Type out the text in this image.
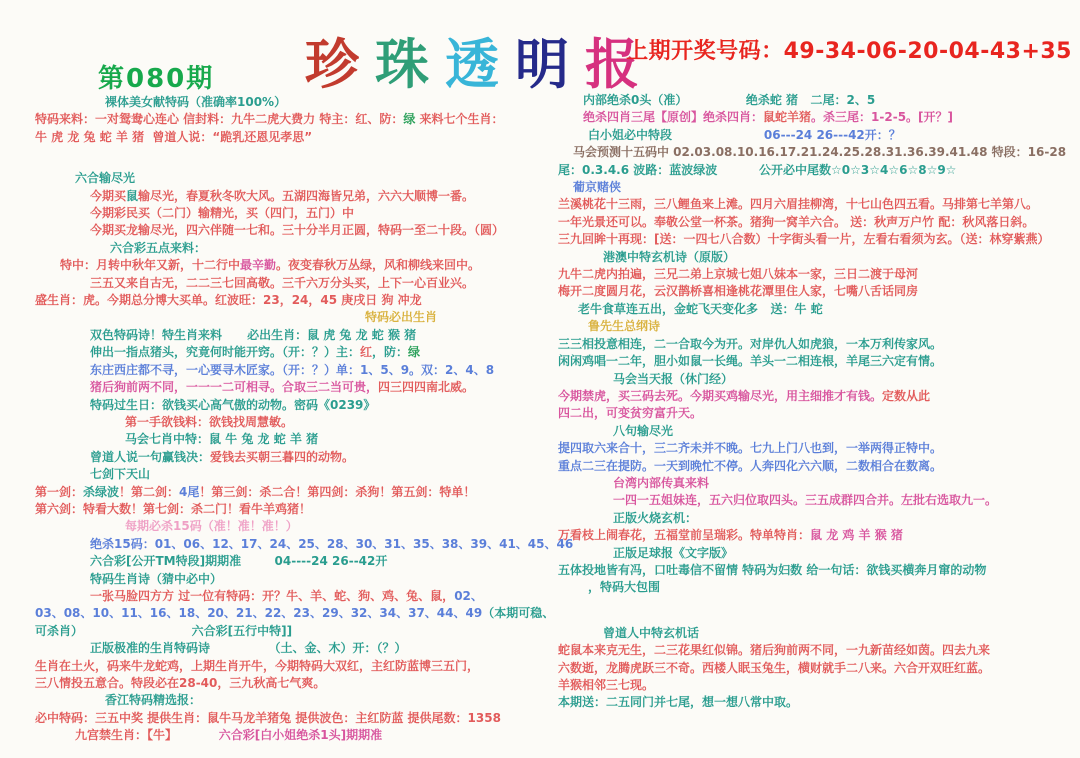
第080期 珍珠透明报
上期开奖号码：49-34-06-20-04-43+35
裸体美女献特码（准确率100%）
特码来料：一对鸳鸯心连心 信封料：九牛二虎大费力 特主：红、防：绿 来料七个生肖：
牛 虎 龙 兔 蛇 羊 猪  曾道人说：“跪乳还恩见孝思”
六合输尽光
今期买鼠输尽光，春夏秋冬吹大风。五湖四海皆兄弟，六六大顺博一番。
今期彩民买（二门）输精光，买（四门，五门）中
今期买龙输尽光，四六伴随一七和。三十分半月正圆，特码一至二十段。（圆）
六合彩五点来料：
特中：月转中秋年又新，十二行中最辛勤。夜变春秋万丛绿，风和柳线来回中。
三五又来自古无，二二三七回高敬。三千六万分头买，上下一心百业兴。
盛生肖：虎。今期总分博大买单。红波旺：23，24，45 庚戌日 狗 冲龙
特码必出生肖
双色特码诗！特生肖来料      必出生肖：鼠 虎 兔 龙 蛇 猴 猪
伸出一指点猪头，究竟何时能开窍。（开：？）主：红，防：绿
东庄西庄都不寻，一心要寻木匠家。（开：？）单：1、5、9。双：2、4、8
猪后狗前两不同，一一一二可相寻。合取三二当可贵，四三四四南北威。
特码过生日：欲钱买心高气傲的动物。密码《0239》
第一手欲钱料：欲钱找周慧敏。
马会七肖中特：鼠 牛 兔 龙 蛇 羊 猪
曾道人说一句赢钱决：爱钱去买朝三暮四的动物。
七剑下天山
第一剑：杀绿波！第二剑：4尾！第三剑：杀二合！第四剑：杀狗！第五剑：特单！
第六剑：特看大数！第七剑：杀二门！看牛羊鸡猪！
每期必杀15码（准！准！准！）
绝杀15码：01、06、12、17、24、25、28、30、31、35、38、39、41、45、46
六合彩[公开TM特段]期期准        04----24 26--42开
特码生肖诗（猜中必中）
一张马脸四方方 过一位有特码：开？牛、羊、蛇、狗、鸡、兔、鼠，02、
03、08、10、11、16、18、20、21、22、23、29、32、34、37、44、49（本期可稳、
可杀肖）                          六合彩[五行中特]]
正版极准的生肖特码诗              （土、金、木）开：（？）
生肖在土火，码来牛龙蛇鸡，上期生肖开牛，今期特码大双红，主红防蓝博三五门，
三八情投五意合。特段必在28-40，三九秋高七气爽。
香江特码精选报：
必中特码：三五中奖 提供生肖：鼠牛马龙羊猪兔 提供波色：主红防蓝 提供尾数：1358
九宫禁生肖：【牛】          六合彩[白小姐绝杀1头]期期准
内部绝杀0头（准）              绝杀蛇 猪   二尾：2、5
绝杀四肖三尾【原创】绝杀四肖：鼠蛇羊猪。杀三尾：1-2-5。[开？]
白小姐必中特段                      06---24 26---42开：？
马会预测十五码中 02.03.08.10.16.17.21.24.25.28.31.36.39.41.48 特段：16-28
尾：0.3.4.6 波路：蓝波绿波          公开必中尾数☆0☆3☆4☆6☆8☆9☆
葡京赌侠
兰溪桃花十三雨，三八鲤鱼来上滩。四月六眉挂柳湾，十七山色四五看。马排第七羊第八。
一年光景还可以。奉敬公堂一杯茶。猪狗一窝羊六合。 送：秋声万户竹 配：秋风落日斜。
三九回眸十再现：[送：一四七八合数）十字街头看一片，左看右看须为玄。（送：林穿紫燕）
港澳中特玄机诗（原版）
九牛二虎内拍遍，三兄二弟上京城七姐八妹本一家，三日二渡于母河
梅开二度圆月花，云汉鹊桥喜相逢桃花潭里住人家，七嘴八舌话同房
老牛食草连五出，金蛇飞天变化多   送：牛 蛇
鲁先生总纲诗
三三相投意相连，二一合取今为开。对岸仇人如虎狼，一本万利传家风。
闲闲鸡唱一二年，胆小如鼠一长绳。羊头一二相连根，羊尾三六定有情。
马会当天报（休门经）
今期禁虎，买三码去死。今期买鸡输尽光，用主细推才有钱。定数从此
四二出，可变贫穷富升天。
八句输尽光
提四取六来合十，三二齐未并不晚。七九上门八也到，一举两得正特中。
重点二三在提防。一天到晚忙不停。人奔四化六六顺，二数相合在数离。
台湾内部传真来料
一四一五姐妹连，五六归位取四头。三五成群四合并。左批右选取九一。
正版火烧玄机：
万看枝上闹春花，五福堂前呈瑞彩。特单特肖：鼠 龙 鸡 羊 猴 猪
正版足球报《文字版》
五体投地皆有冯，口吐毒信不留情 特码为妇数 给一句话：欲钱买横奔月窜的动物
，特码大包围
曾道人中特玄机话
蛇鼠本来克无生，二三花果红似锦。猪后狗前两不同，一九新苗经如茵。四去九来
六数逝，龙腾虎跃三不奇。西楼人眠玉兔生，横财就手二八来。六合开双旺红蓝。
羊猴相邻三七现。
本期送：二五同门并七尾，想一想八常中取。
